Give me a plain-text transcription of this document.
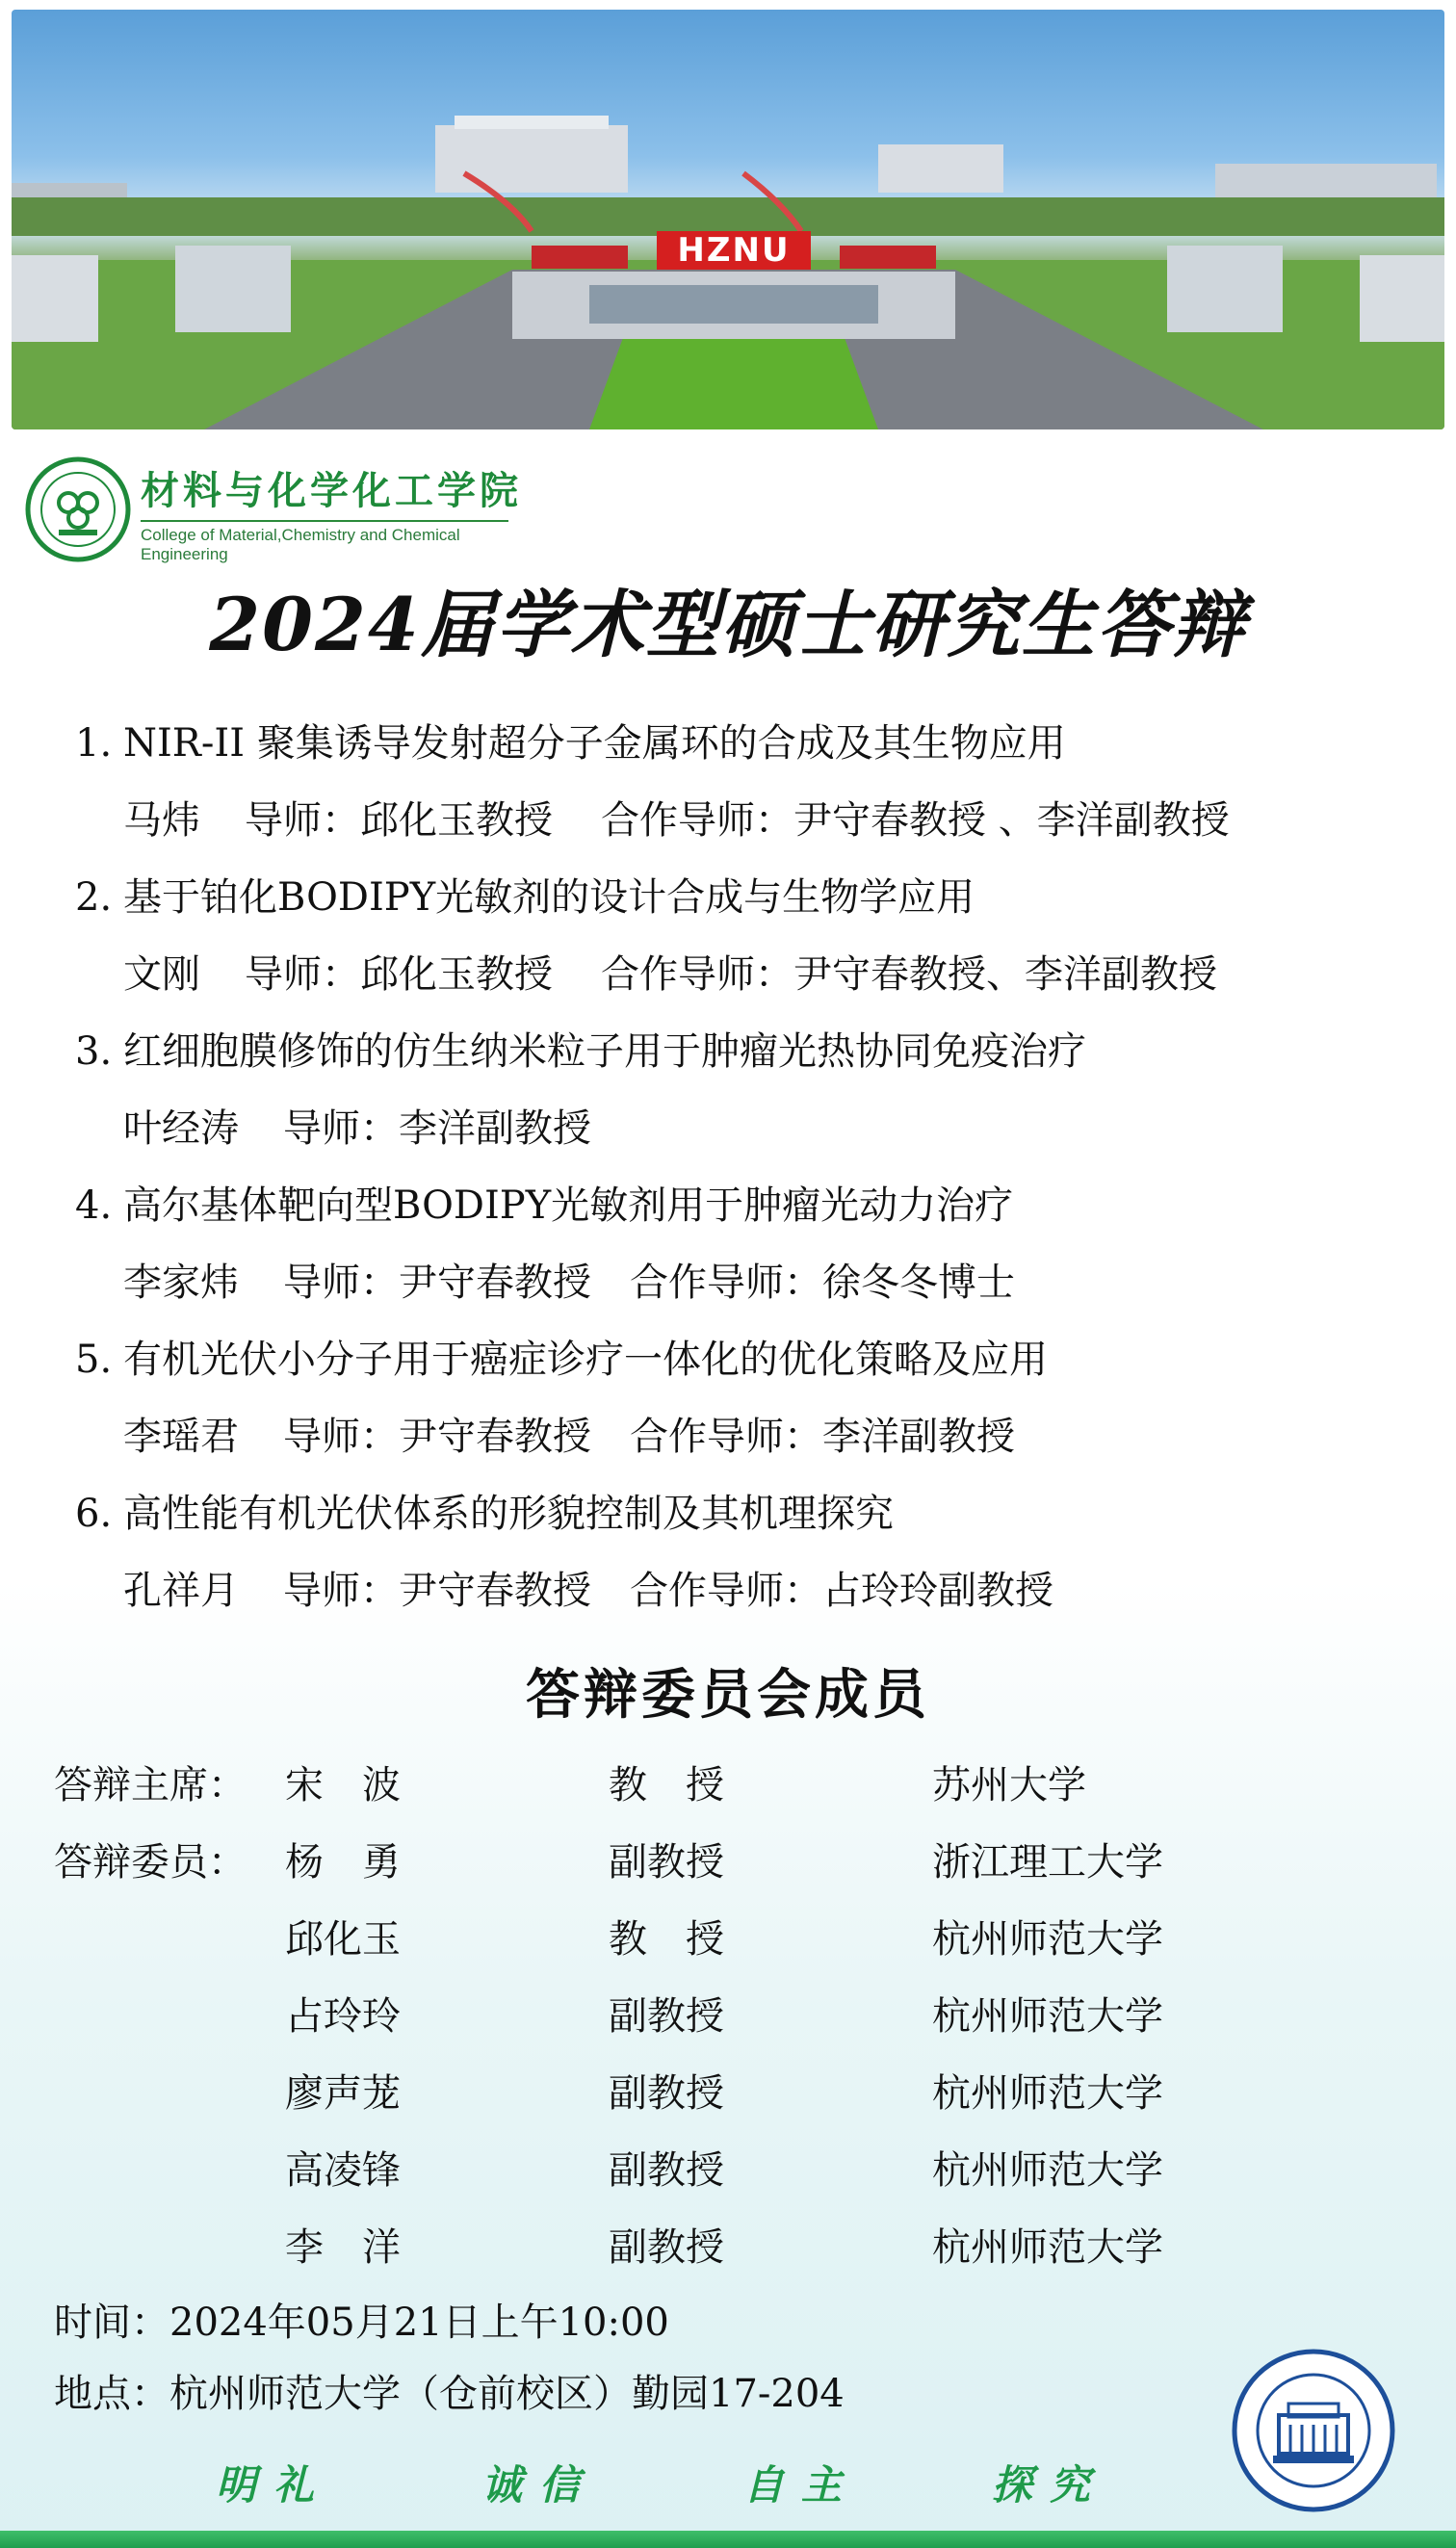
HZNU
材料与化学化工学院
College of Material,Chemistry and Chemical Engineering
2024届学术型硕士研究生答辩
1. NIR-II 聚集诱导发射超分子金属环的合成及其生物应用
马炜 导师：邱化玉教授 合作导师：尹守春教授 、李洋副教授
2. 基于铂化BODIPY光敏剂的设计合成与生物学应用
文刚 导师：邱化玉教授 合作导师：尹守春教授、李洋副教授
3. 红细胞膜修饰的仿生纳米粒子用于肿瘤光热协同免疫治疗
叶经涛 导师：李洋副教授
4. 高尔基体靶向型BODIPY光敏剂用于肿瘤光动力治疗
李家炜 导师：尹守春教授 合作导师：徐冬冬博士
5. 有机光伏小分子用于癌症诊疗一体化的优化策略及应用
李瑶君 导师：尹守春教授 合作导师：李洋副教授
6. 高性能有机光伏体系的形貌控制及其机理探究
孔祥月 导师：尹守春教授 合作导师：占玲玲副教授
答辩委员会成员
答辩主席： 宋　波	教　授	苏州大学
答辩委员： 杨　勇	副教授	浙江理工大学
邱化玉	教　授	杭州师范大学
占玲玲	副教授	杭州师范大学
廖声茏	副教授	杭州师范大学
高凌锋	副教授	杭州师范大学
李　洋	副教授	杭州师范大学
时间：2024年05月21日上午10:00
地点：杭州师范大学（仓前校区）勤园17-204
明礼	诚信	自主	探究
